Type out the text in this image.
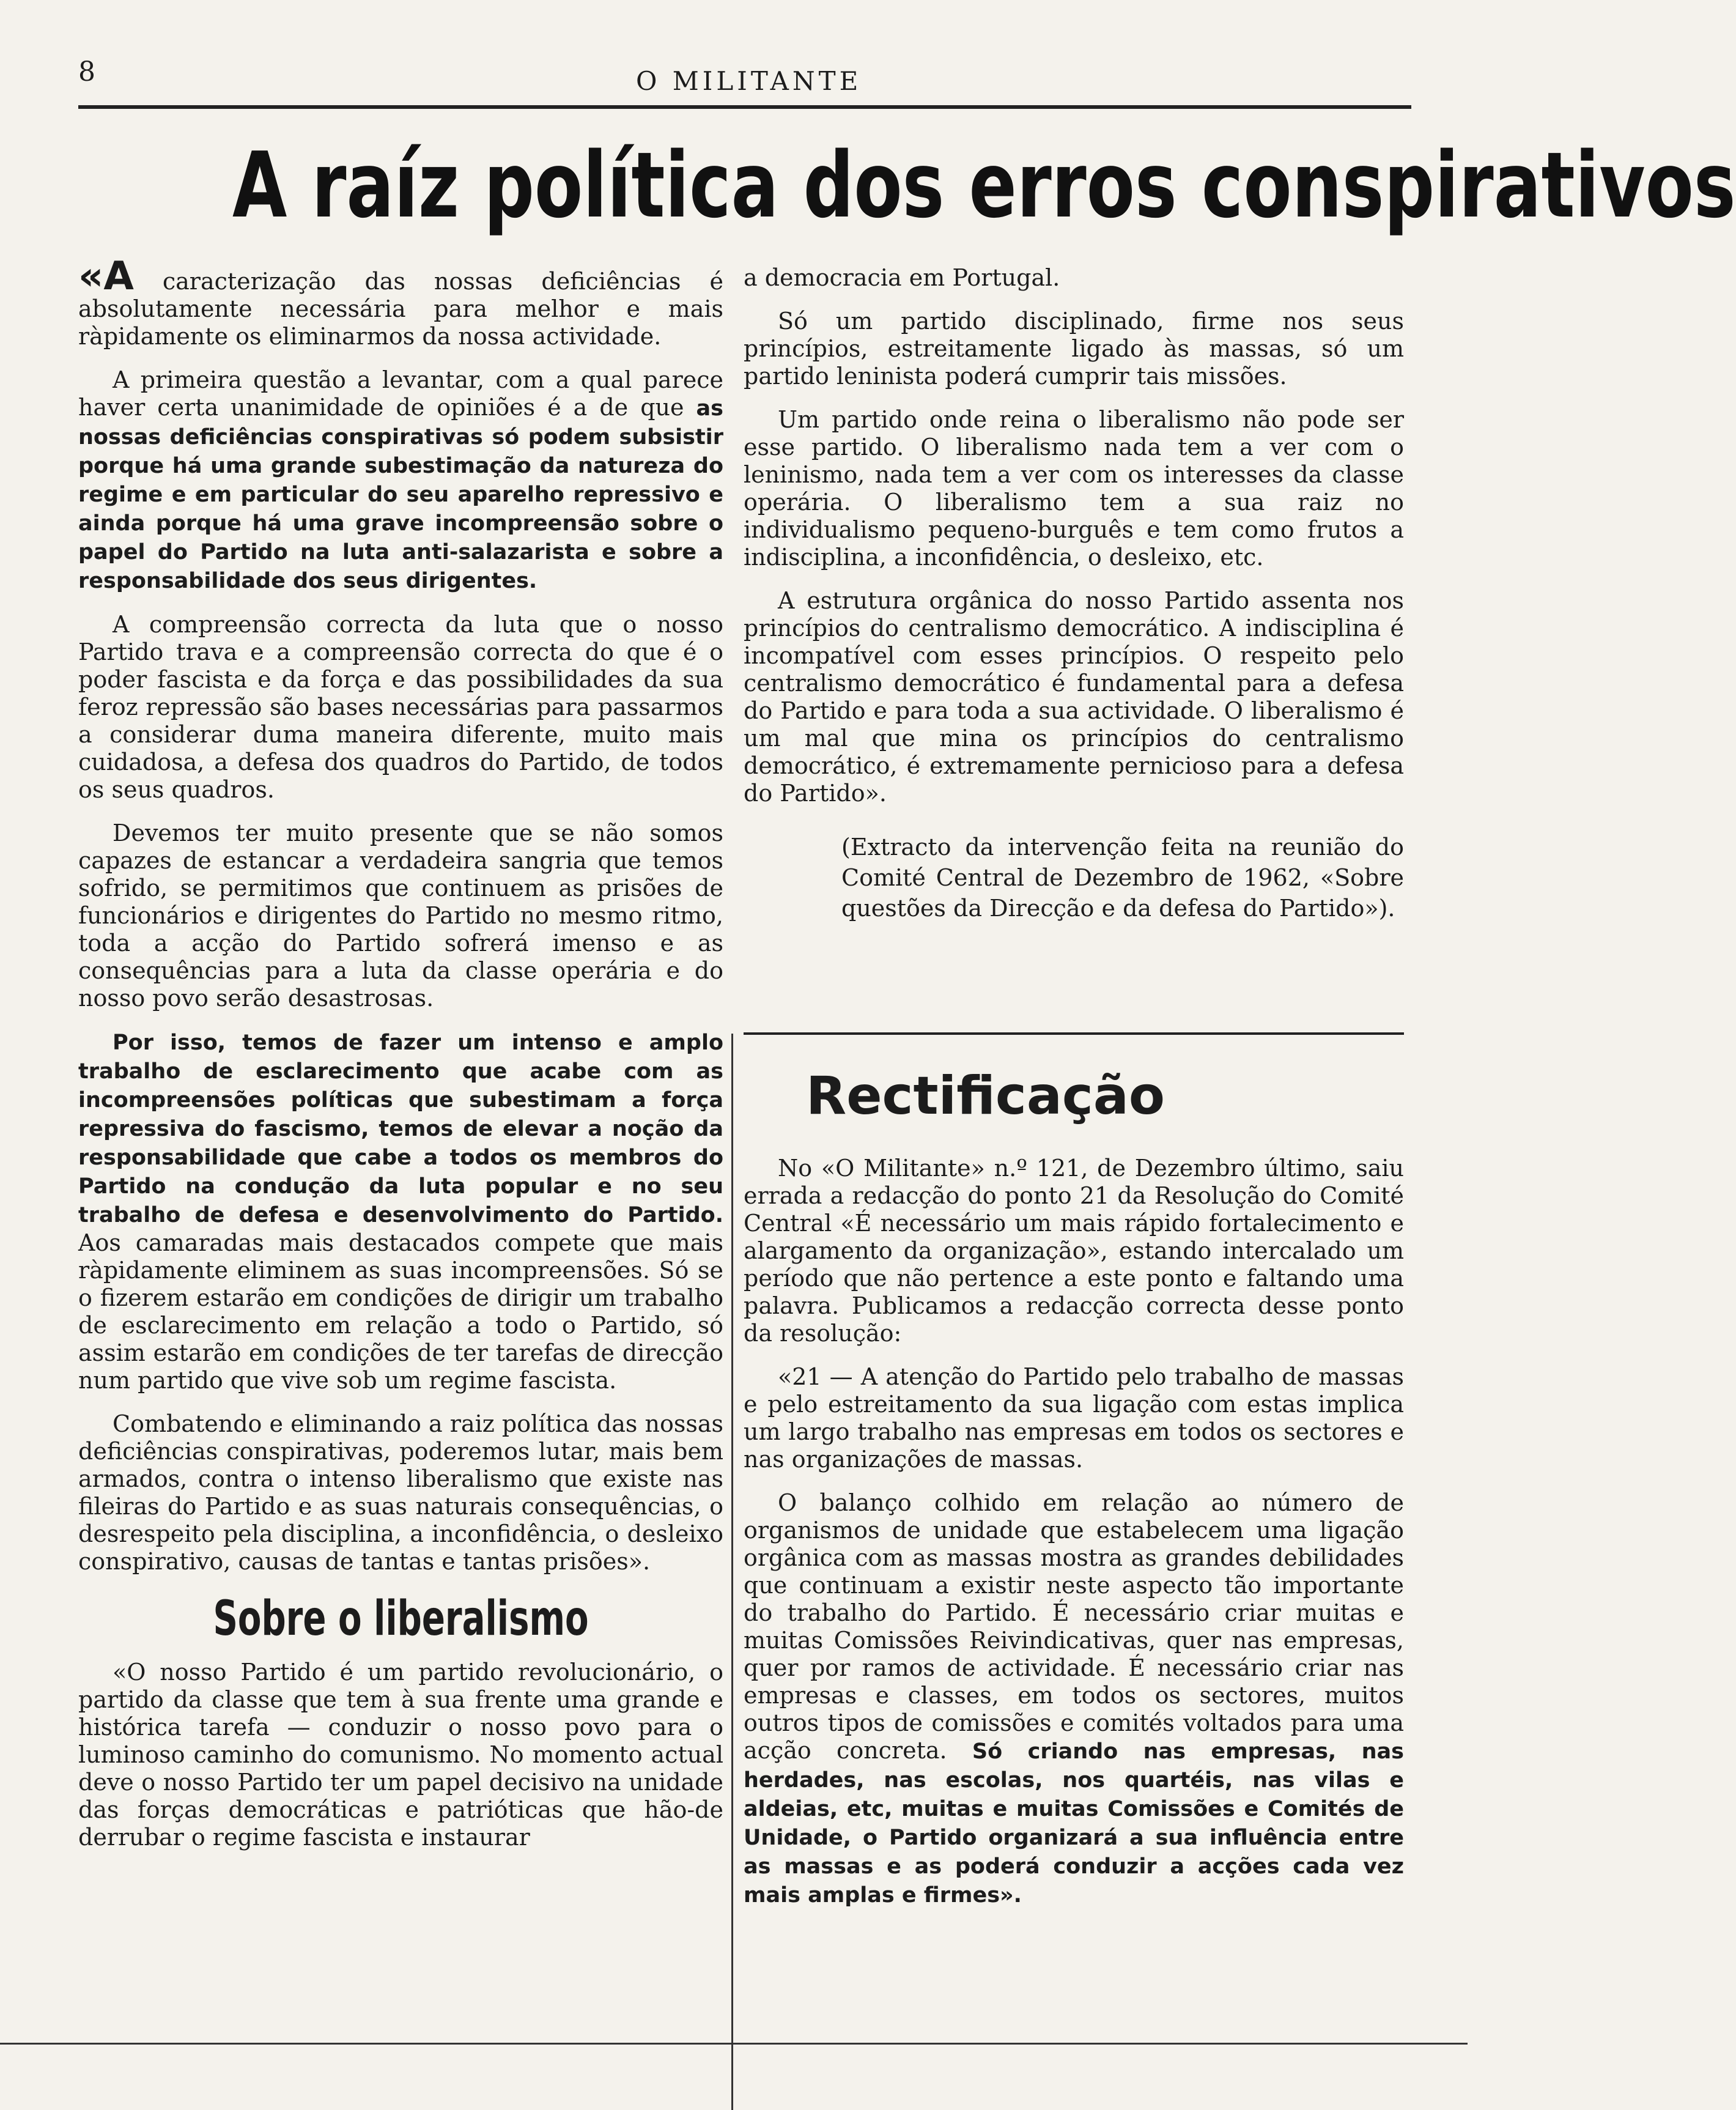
8	O MILITANTE
A raíz política dos erros conspirativos

«A caracterização das nossas deficiências é absolutamente necessária para melhor e mais ràpidamente os eliminarmos da nossa actividade.

A primeira questão a levantar, com a qual parece haver certa unanimidade de opiniões é a de que as nossas deficiências conspirativas só podem subsistir porque há uma grande subestimação da natureza do regime e em particular do seu aparelho repressivo e ainda porque há uma grave incompreensão sobre o papel do Partido na luta anti-salazarista e sobre a responsabilidade dos seus dirigentes.

A compreensão correcta da luta que o nosso Partido trava e a compreensão correcta do que é o poder fascista e da força e das possibilidades da sua feroz repressão são bases necessárias para passarmos a considerar duma maneira diferente, muito mais cuidadosa, a defesa dos quadros do Partido, de todos os seus quadros.

Devemos ter muito presente que se não somos capazes de estancar a verdadeira sangria que temos sofrido, se permitimos que continuem as prisões de funcionários e dirigentes do Partido no mesmo ritmo, toda a acção do Partido sofrerá imenso e as consequências para a luta da classe operária e do nosso povo serão desastrosas.

Por isso, temos de fazer um intenso e amplo trabalho de esclarecimento que acabe com as incompreensões políticas que subestimam a força repressiva do fascismo, temos de elevar a noção da responsabilidade que cabe a todos os membros do Partido na condução da luta popular e no seu trabalho de defesa e desenvolvimento do Partido. Aos camaradas mais destacados compete que mais ràpidamente eliminem as suas incompreensões. Só se o fizerem estarão em condições de dirigir um trabalho de esclarecimento em relação a todo o Partido, só assim estarão em condições de ter tarefas de direcção num partido que vive sob um regime fascista.

Combatendo e eliminando a raiz política das nossas deficiências conspirativas, poderemos lutar, mais bem armados, contra o intenso liberalismo que existe nas fileiras do Partido e as suas naturais consequências, o desrespeito pela disciplina, a inconfidência, o desleixo conspirativo, causas de tantas e tantas prisões».

Sobre o liberalismo

«O nosso Partido é um partido revolucionário, o partido da classe que tem à sua frente uma grande e histórica tarefa — conduzir o nosso povo para o luminoso caminho do comunismo. No momento actual deve o nosso Partido ter um papel decisivo na unidade das forças democráticas e patrióticas que hão-de derrubar o regime fascista e instaurar

a democracia em Portugal.

Só um partido disciplinado, firme nos seus princípios, estreitamente ligado às massas, só um partido leninista poderá cumprir tais missões.

Um partido onde reina o liberalismo não pode ser esse partido. O liberalismo nada tem a ver com o leninismo, nada tem a ver com os interesses da classe operária. O liberalismo tem a sua raiz no individualismo pequeno-burguês e tem como frutos a indisciplina, a inconfidência, o desleixo, etc.

A estrutura orgânica do nosso Partido assenta nos princípios do centralismo democrático. A indisciplina é incompatível com esses princípios. O respeito pelo centralismo democrático é fundamental para a defesa do Partido e para toda a sua actividade. O liberalismo é um mal que mina os princípios do centralismo democrático, é extremamente pernicioso para a defesa do Partido».

(Extracto da intervenção feita na reunião do Comité Central de Dezembro de 1962, «Sobre questões da Direcção e da defesa do Partido»).
Rectificação

No «O Militante» n.º 121, de Dezembro último, saiu errada a redacção do ponto 21 da Resolução do Comité Central «É necessário um mais rápido fortalecimento e alargamento da organização», estando intercalado um período que não pertence a este ponto e faltando uma palavra. Publicamos a redacção correcta desse ponto da resolução:

«21 — A atenção do Partido pelo trabalho de massas e pelo estreitamento da sua ligação com estas implica um largo trabalho nas empresas em todos os sectores e nas organizações de massas.

O balanço colhido em relação ao número de organismos de unidade que estabelecem uma ligação orgânica com as massas mostra as grandes debilidades que continuam a existir neste aspecto tão importante do trabalho do Partido. É necessário criar muitas e muitas Comissões Reivindicativas, quer nas empresas, quer por ramos de actividade. É necessário criar nas empresas e classes, em todos os sectores, muitos outros tipos de comissões e comités voltados para uma acção concreta. Só criando nas empresas, nas herdades, nas escolas, nos quartéis, nas vilas e aldeias, etc, muitas e muitas Comissões e Comités de Unidade, o Partido organizará a sua influência entre as massas e as poderá conduzir a acções cada vez mais amplas e firmes».
